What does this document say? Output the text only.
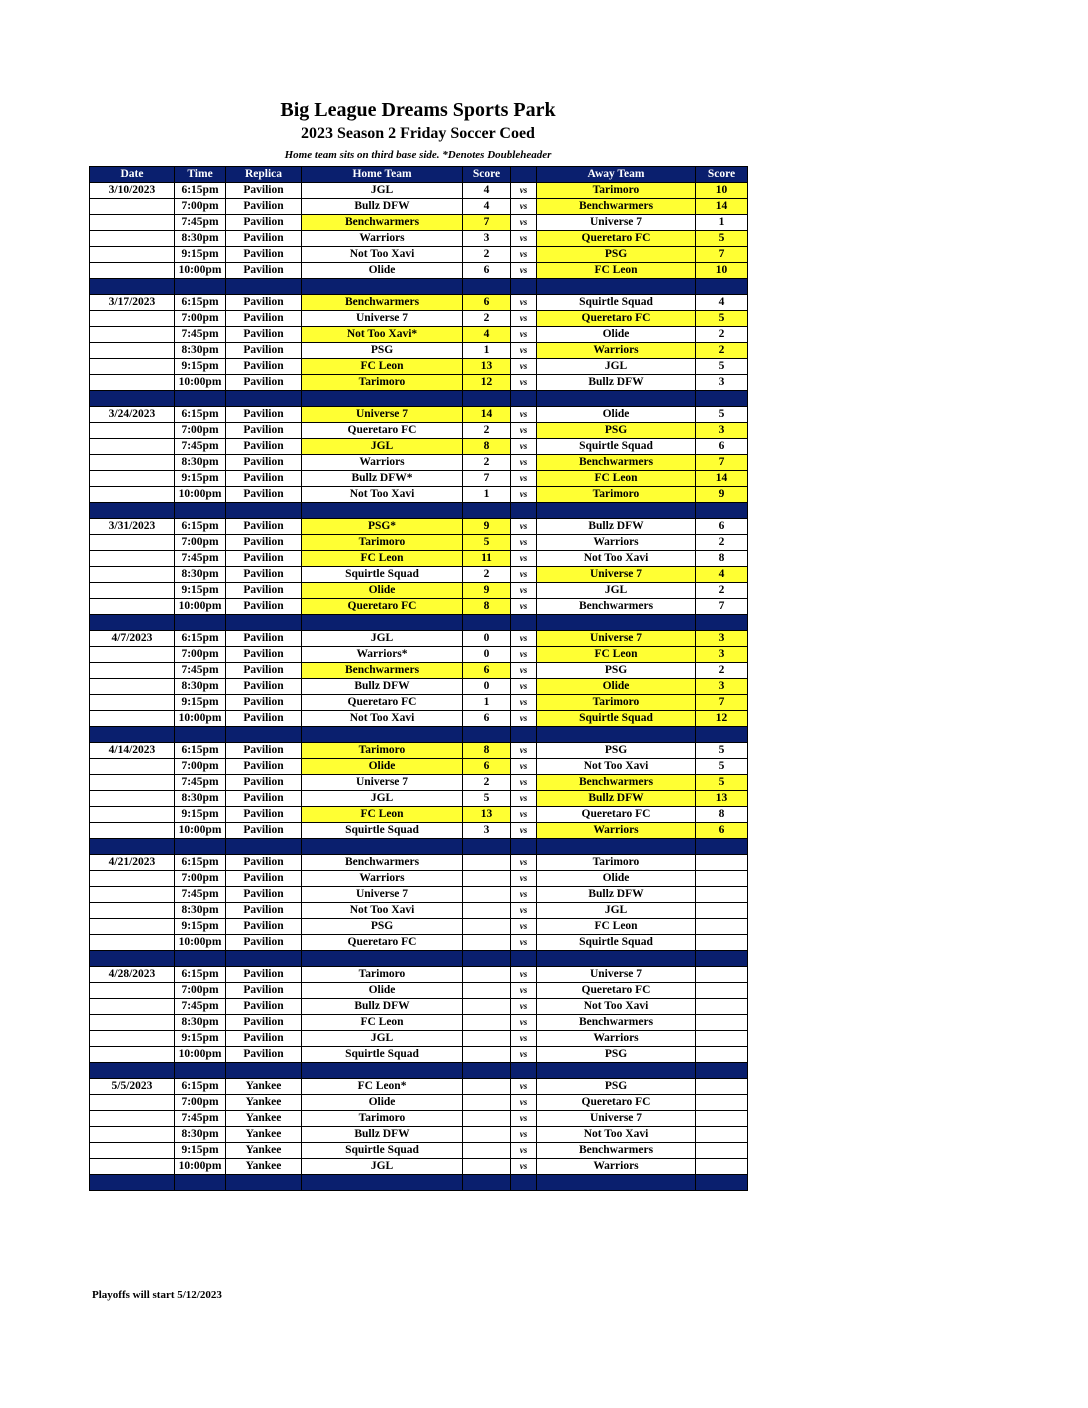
Big League Dreams Sports Park
2023 Season 2 Friday Soccer Coed

Home team sits on third base side. *Denotes Doubleheader

Date	Time	Replica	Home Team	Score		Away Team	Score
3/10/2023	6:15pm	Pavilion	JGL	4	vs	Tarimoro	10
	7:00pm	Pavilion	Bullz DFW	4	vs	Benchwarmers	14
	7:45pm	Pavilion	Benchwarmers	7	vs	Universe 7	1
	8:30pm	Pavilion	Warriors	3	vs	Queretaro FC	5
	9:15pm	Pavilion	Not Too Xavi	2	vs	PSG	7
	10:00pm	Pavilion	Olide	6	vs	FC Leon	10

3/17/2023	6:15pm	Pavilion	Benchwarmers	6	vs	Squirtle Squad	4
	7:00pm	Pavilion	Universe 7	2	vs	Queretaro FC	5
	7:45pm	Pavilion	Not Too Xavi*	4	vs	Olide	2
	8:30pm	Pavilion	PSG	1	vs	Warriors	2
	9:15pm	Pavilion	FC Leon	13	vs	JGL	5
	10:00pm	Pavilion	Tarimoro	12	vs	Bullz DFW	3

3/24/2023	6:15pm	Pavilion	Universe 7	14	vs	Olide	5
	7:00pm	Pavilion	Queretaro FC	2	vs	PSG	3
	7:45pm	Pavilion	JGL	8	vs	Squirtle Squad	6
	8:30pm	Pavilion	Warriors	2	vs	Benchwarmers	7
	9:15pm	Pavilion	Bullz DFW*	7	vs	FC Leon	14
	10:00pm	Pavilion	Not Too Xavi	1	vs	Tarimoro	9

3/31/2023	6:15pm	Pavilion	PSG*	9	vs	Bullz DFW	6
	7:00pm	Pavilion	Tarimoro	5	vs	Warriors	2
	7:45pm	Pavilion	FC Leon	11	vs	Not Too Xavi	8
	8:30pm	Pavilion	Squirtle Squad	2	vs	Universe 7	4
	9:15pm	Pavilion	Olide	9	vs	JGL	2
	10:00pm	Pavilion	Queretaro FC	8	vs	Benchwarmers	7

4/7/2023	6:15pm	Pavilion	JGL	0	vs	Universe 7	3
	7:00pm	Pavilion	Warriors*	0	vs	FC Leon	3
	7:45pm	Pavilion	Benchwarmers	6	vs	PSG	2
	8:30pm	Pavilion	Bullz DFW	0	vs	Olide	3
	9:15pm	Pavilion	Queretaro FC	1	vs	Tarimoro	7
	10:00pm	Pavilion	Not Too Xavi	6	vs	Squirtle Squad	12

4/14/2023	6:15pm	Pavilion	Tarimoro	8	vs	PSG	5
	7:00pm	Pavilion	Olide	6	vs	Not Too Xavi	5
	7:45pm	Pavilion	Universe 7	2	vs	Benchwarmers	5
	8:30pm	Pavilion	JGL	5	vs	Bullz DFW	13
	9:15pm	Pavilion	FC Leon	13	vs	Queretaro FC	8
	10:00pm	Pavilion	Squirtle Squad	3	vs	Warriors	6

4/21/2023	6:15pm	Pavilion	Benchwarmers		vs	Tarimoro	
	7:00pm	Pavilion	Warriors		vs	Olide	
	7:45pm	Pavilion	Universe 7		vs	Bullz DFW	
	8:30pm	Pavilion	Not Too Xavi		vs	JGL	
	9:15pm	Pavilion	PSG		vs	FC Leon	
	10:00pm	Pavilion	Queretaro FC		vs	Squirtle Squad	

4/28/2023	6:15pm	Pavilion	Tarimoro		vs	Universe 7	
	7:00pm	Pavilion	Olide		vs	Queretaro FC	
	7:45pm	Pavilion	Bullz DFW		vs	Not Too Xavi	
	8:30pm	Pavilion	FC Leon		vs	Benchwarmers	
	9:15pm	Pavilion	JGL		vs	Warriors	
	10:00pm	Pavilion	Squirtle Squad		vs	PSG	

5/5/2023	6:15pm	Yankee	FC Leon*		vs	PSG	
	7:00pm	Yankee	Olide		vs	Queretaro FC	
	7:45pm	Yankee	Tarimoro		vs	Universe 7	
	8:30pm	Yankee	Bullz DFW		vs	Not Too Xavi	
	9:15pm	Yankee	Squirtle Squad		vs	Benchwarmers	
	10:00pm	Yankee	JGL		vs	Warriors	

Playoffs will start 5/12/2023
